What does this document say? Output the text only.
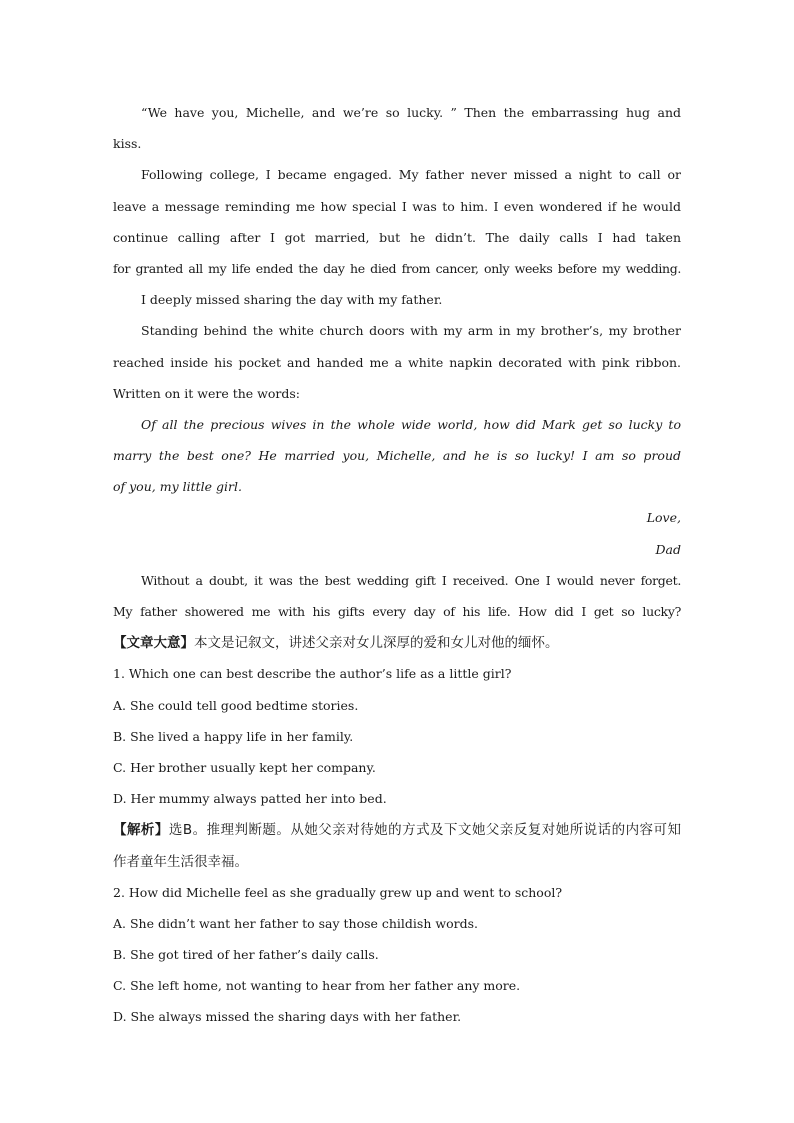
“We have you, Michelle, and we’re so lucky. ” Then the embarrassing hug and
kiss.
Following college, I became engaged. My father never missed a night to call or
leave a message reminding me how special I was to him. I even wondered if he would
continue calling after I got married, but he didn’t. The daily calls I had taken
for granted all my life ended the day he died from cancer, only weeks before my wedding.
I deeply missed sharing the day with my father.
Standing behind the white church doors with my arm in my brother’s, my brother
reached inside his pocket and handed me a white napkin decorated with pink ribbon.
Written on it were the words:
Of all the precious wives in the whole wide world, how did Mark get so lucky to
marry the best one? He married you, Michelle, and he is so lucky! I am so proud
of you, my little girl.
Love,
Dad
Without a doubt, it was the best wedding gift I received. One I would never forget.
My father showered me with his gifts every day of his life. How did I get so lucky?
【文章大意】本文是记叙文，讲述父亲对女儿深厚的爱和女儿对他的缅怀。
1. Which one can best describe the author’s life as a little girl?
A. She could tell good bedtime stories.
B. She lived a happy life in her family.
C. Her brother usually kept her company.
D. Her mummy always patted her into bed.
【解析】选B。推理判断题。从她父亲对待她的方式及下文她父亲反复对她所说话的内容可知
作者童年生活很幸福。
2. How did Michelle feel as she gradually grew up and went to school?
A. She didn’t want her father to say those childish words.
B. She got tired of her father’s daily calls.
C. She left home, not wanting to hear from her father any more.
D. She always missed the sharing days with her father.
